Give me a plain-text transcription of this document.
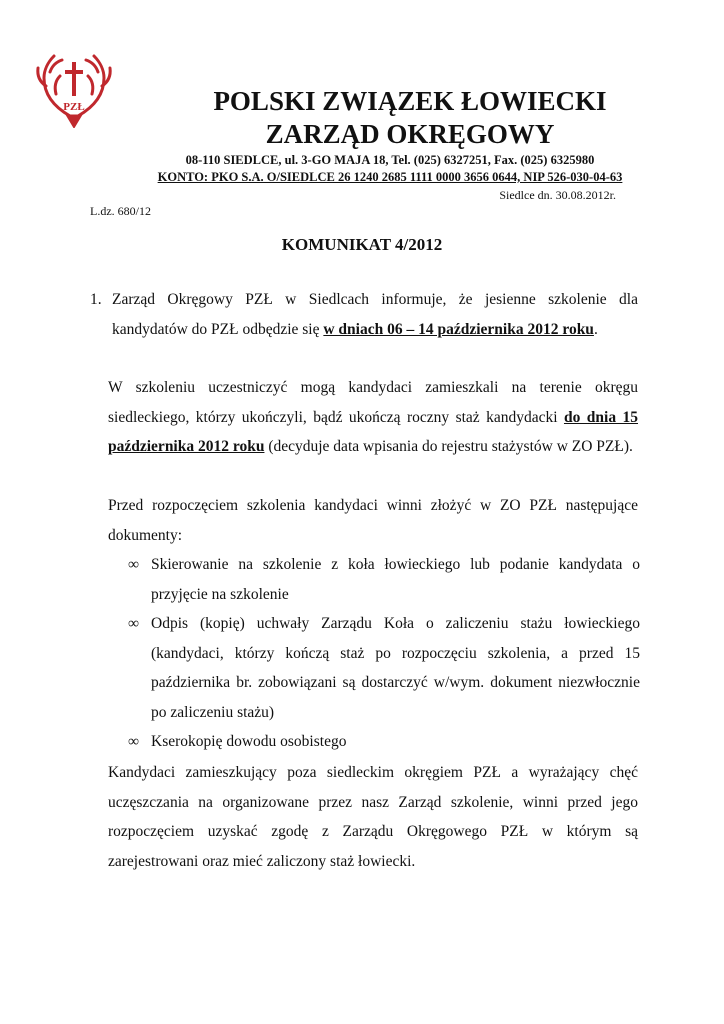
PZŁ	POLSKI ZWIĄZEK ŁOWIECKI
ZARZĄD OKRĘGOWY
08-110 SIEDLCE, ul. 3-GO MAJA 18, Tel. (025) 6327251, Fax. (025) 6325980
KONTO: PKO S.A. O/SIEDLCE 26 1240 2685 1111 0000 3656 0644, NIP 526-030-04-63
Siedlce dn. 30.08.2012r.
L.dz. 680/12
KOMUNIKAT 4/2012
1. Zarząd Okręgowy PZŁ w Siedlcach informuje, że jesienne szkolenie dla kandydatów do PZŁ odbędzie się w dniach 06 – 14 października 2012 roku.

W szkoleniu uczestniczyć mogą kandydaci zamieszkali na terenie okręgu siedleckiego, którzy ukończyli, bądź ukończą roczny staż kandydacki do dnia 15 października 2012 roku (decyduje data wpisania do rejestru stażystów w ZO PZŁ).

Przed rozpoczęciem szkolenia kandydaci winni złożyć w ZO PZŁ następujące dokumenty:

∞ Skierowanie na szkolenie z koła łowieckiego lub podanie kandydata o przyjęcie na szkolenie
∞ Odpis (kopię) uchwały Zarządu Koła o zaliczeniu stażu łowieckiego (kandydaci, którzy kończą staż po rozpoczęciu szkolenia, a przed 15 października br. zobowiązani są dostarczyć w/wym. dokument niezwłocznie po zaliczeniu stażu)
∞ Kserokopię dowodu osobistego

Kandydaci zamieszkujący poza siedleckim okręgiem PZŁ a wyrażający chęć uczęszczania na organizowane przez nasz Zarząd szkolenie, winni przed jego rozpoczęciem uzyskać zgodę z Zarządu Okręgowego PZŁ w którym są zarejestrowani oraz mieć zaliczony staż łowiecki.
